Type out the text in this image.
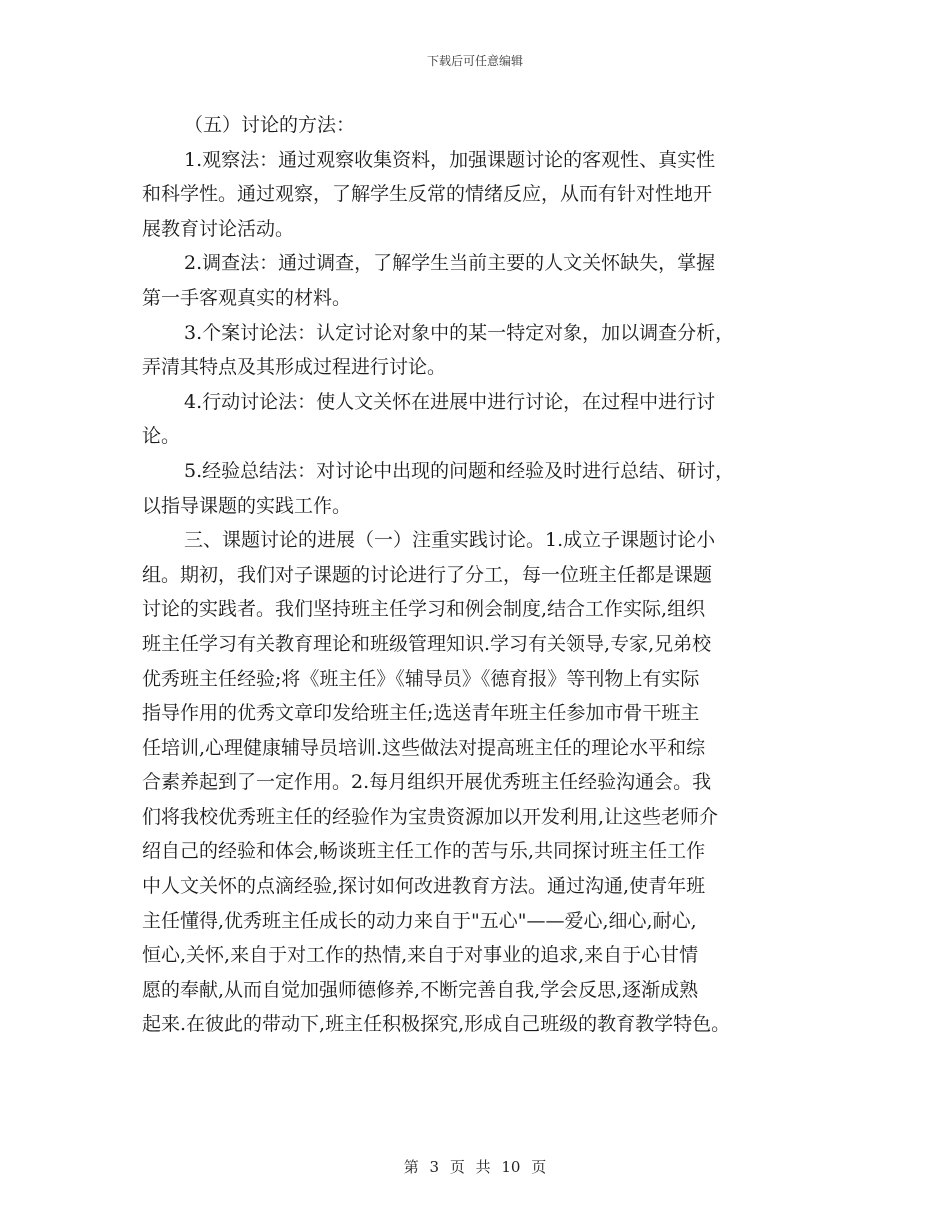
下载后可任意编辑
（五）讨论的方法：
1.观察法：通过观察收集资料，加强课题讨论的客观性、真实性
和科学性。通过观察，了解学生反常的情绪反应，从而有针对性地开
展教育讨论活动。
2.调查法：通过调查，了解学生当前主要的人文关怀缺失，掌握
第一手客观真实的材料。
3.个案讨论法：认定讨论对象中的某一特定对象，加以调查分析，
弄清其特点及其形成过程进行讨论。
4.行动讨论法：使人文关怀在进展中进行讨论，在过程中进行讨
论。
5.经验总结法：对讨论中出现的问题和经验及时进行总结、研讨，
以指导课题的实践工作。
三、课题讨论的进展（一）注重实践讨论。1.成立子课题讨论小
组。期初，我们对子课题的讨论进行了分工，每一位班主任都是课题
讨论的实践者。我们坚持班主任学习和例会制度,结合工作实际,组织
班主任学习有关教育理论和班级管理知识.学习有关领导,专家,兄弟校
优秀班主任经验;将《班主任》《辅导员》《德育报》等刊物上有实际
指导作用的优秀文章印发给班主任;选送青年班主任参加市骨干班主
任培训,心理健康辅导员培训.这些做法对提高班主任的理论水平和综
合素养起到了一定作用。2.每月组织开展优秀班主任经验沟通会。我
们将我校优秀班主任的经验作为宝贵资源加以开发利用,让这些老师介
绍自己的经验和体会,畅谈班主任工作的苦与乐,共同探讨班主任工作
中人文关怀的点滴经验,探讨如何改进教育方法。通过沟通,使青年班
主任懂得,优秀班主任成长的动力来自于"五心"——爱心,细心,耐心,
恒心,关怀,来自于对工作的热情,来自于对事业的追求,来自于心甘情
愿的奉献,从而自觉加强师德修养,不断完善自我,学会反思,逐渐成熟
起来.在彼此的带动下,班主任积极探究,形成自己班级的教育教学特色。
第 3 页 共 10 页
